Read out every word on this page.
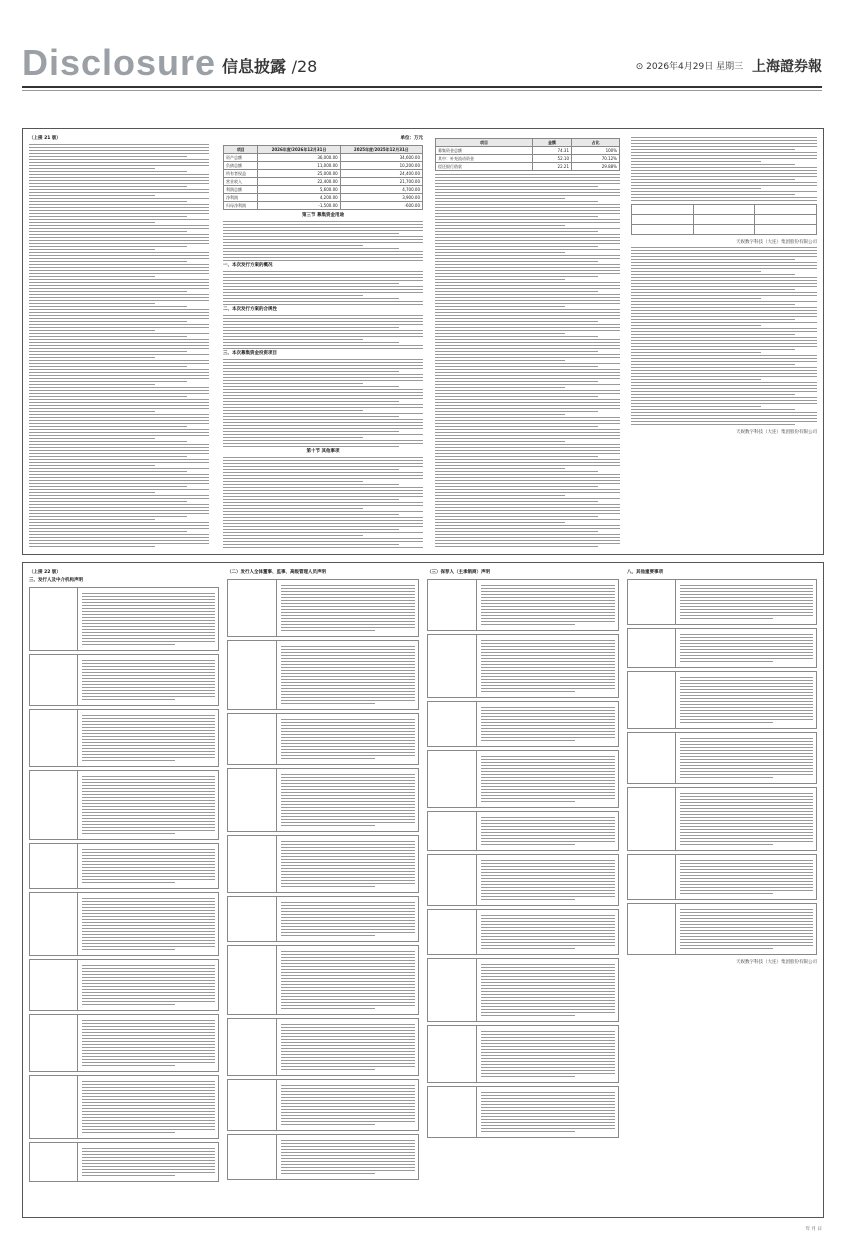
Disclosure 信息披露 /28	⊙ 2026年4月29日 星期三 上海證券報
（上接 21 版）	单位：万元
项目	2026年度/2026年12月31日	2025年度/2025年12月31日
资产总额	36,000.00	34,600.00
负债总额	11,000.00	10,200.00
所有者权益	25,000.00	24,400.00
营业收入	22,400.00	21,700.00
利润总额	5,600.00	4,700.00
净利润	4,200.00	3,900.00
归母净利润	-1,500.00	-600.00
第三节 募集资金用途
一、本次发行方案的概况
二、本次发行方案的合规性
三、本次募集资金投资项目
第十节 其他事项
项目	金额	占比
募集资金总额	74.31	100%
其中：补充流动资金	52.10	70.12%
偿还银行借款	22.21	29.88%

天娱数字科技（大连）集团股份有限公司
天娱数字科技（大连）集团股份有限公司
（上接 22 版）
三、发行人及中介机构声明
（二）发行人全体董事、监事、高级管理人员声明	（三）保荐人（主承销商）声明	八、其他重要事项
天娱数字科技（大连）集团股份有限公司
年 月 日
